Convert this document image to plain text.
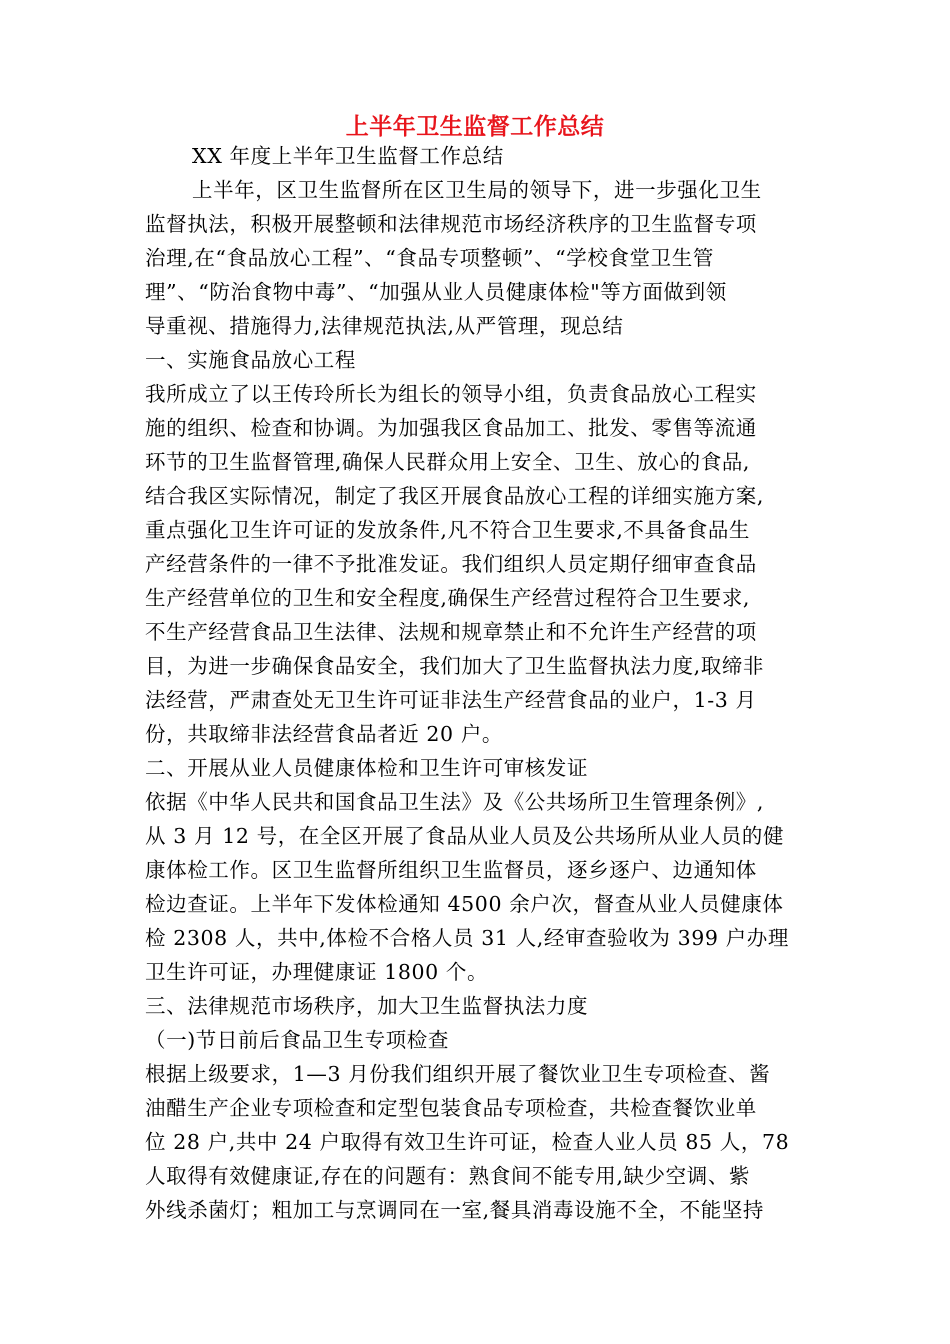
上半年卫生监督工作总结
XX 年度上半年卫生监督工作总结
上半年，区卫生监督所在区卫生局的领导下，进一步强化卫生
监督执法，积极开展整顿和法律规范市场经济秩序的卫生监督专项
治理,在“食品放心工程”、“食品专项整顿”、“学校食堂卫生管
理”、“防治食物中毒”、“加强从业人员健康体检"等方面做到领
导重视、措施得力,法律规范执法,从严管理，现总结
一、实施食品放心工程
我所成立了以王传玲所长为组长的领导小组，负责食品放心工程实
施的组织、检查和协调。为加强我区食品加工、批发、零售等流通
环节的卫生监督管理,确保人民群众用上安全、卫生、放心的食品,
结合我区实际情况，制定了我区开展食品放心工程的详细实施方案,
重点强化卫生许可证的发放条件,凡不符合卫生要求,不具备食品生
产经营条件的一律不予批准发证。我们组织人员定期仔细审查食品
生产经营单位的卫生和安全程度,确保生产经营过程符合卫生要求,
不生产经营食品卫生法律、法规和规章禁止和不允许生产经营的项
目，为进一步确保食品安全，我们加大了卫生监督执法力度,取缔非
法经营，严肃查处无卫生许可证非法生产经营食品的业户，1-3 月
份，共取缔非法经营食品者近 20 户。
二、开展从业人员健康体检和卫生许可审核发证
依据《中华人民共和国食品卫生法》及《公共场所卫生管理条例》,
从 3 月 12 号，在全区开展了食品从业人员及公共场所从业人员的健
康体检工作。区卫生监督所组织卫生监督员，逐乡逐户、边通知体
检边查证。上半年下发体检通知 4500 余户次，督查从业人员健康体
检 2308 人，共中,体检不合格人员 31 人,经审查验收为 399 户办理
卫生许可证，办理健康证 1800 个。
三、法律规范市场秩序，加大卫生监督执法力度
（一)节日前后食品卫生专项检查
根据上级要求，1—3 月份我们组织开展了餐饮业卫生专项检查、酱
油醋生产企业专项检查和定型包装食品专项检查，共检查餐饮业单
位 28 户,共中 24 户取得有效卫生许可证，检查人业人员 85 人，78
人取得有效健康证,存在的问题有：熟食间不能专用,缺少空调、紫
外线杀菌灯；粗加工与烹调同在一室,餐具消毒设施不全，不能坚持
